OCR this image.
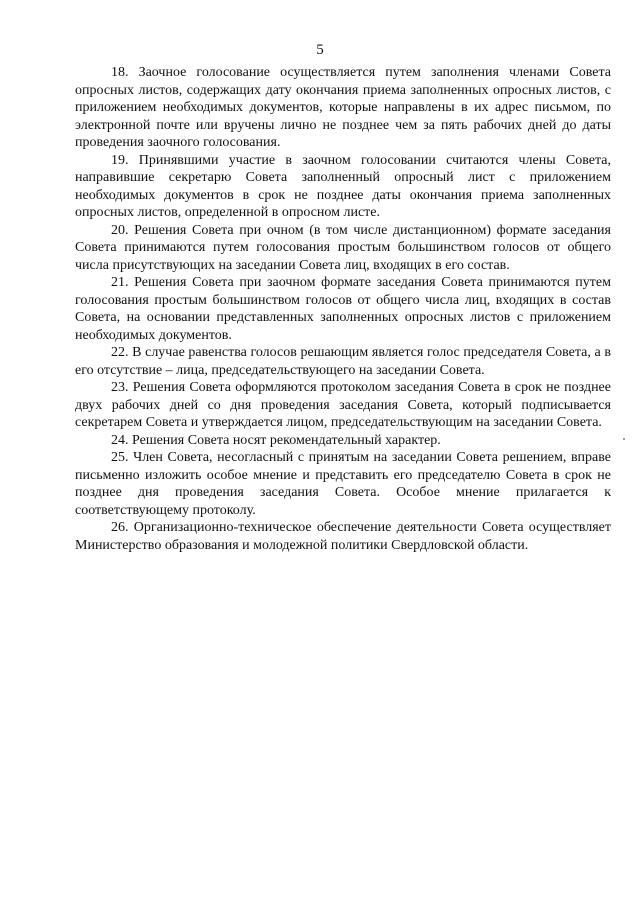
5

18. Заочное голосование осуществляется путем заполнения членами Совета опросных листов, содержащих дату окончания приема заполненных опросных листов, с приложением необходимых документов, которые направлены в их адрес письмом, по электронной почте или вручены лично не позднее чем за пять рабочих дней до даты проведения заочного голосования.

19. Принявшими участие в заочном голосовании считаются члены Совета, направившие секретарю Совета заполненный опросный лист с приложением необходимых документов в срок не позднее даты окончания приема заполненных опросных листов, определенной в опросном листе.

20. Решения Совета при очном (в том числе дистанционном) формате заседания Совета принимаются путем голосования простым большинством голосов от общего числа присутствующих на заседании Совета лиц, входящих в его состав.

21. Решения Совета при заочном формате заседания Совета принимаются путем голосования простым большинством голосов от общего числа лиц, входящих в состав Совета, на основании представленных заполненных опросных листов с приложением необходимых документов.

22. В случае равенства голосов решающим является голос председателя Совета, а в его отсутствие – лица, председательствующего на заседании Совета.

23. Решения Совета оформляются протоколом заседания Совета в срок не позднее двух рабочих дней со дня проведения заседания Совета, который подписывается секретарем Совета и утверждается лицом, председательствующим на заседании Совета.

24. Решения Совета носят рекомендательный характер.

25. Член Совета, несогласный с принятым на заседании Совета решением, вправе письменно изложить особое мнение и представить его председателю Совета в срок не позднее дня проведения заседания Совета. Особое мнение прилагается к соответствующему протоколу.

26. Организационно-техническое обеспечение деятельности Совета осуществляет Министерство образования и молодежной политики Свердловской области.
